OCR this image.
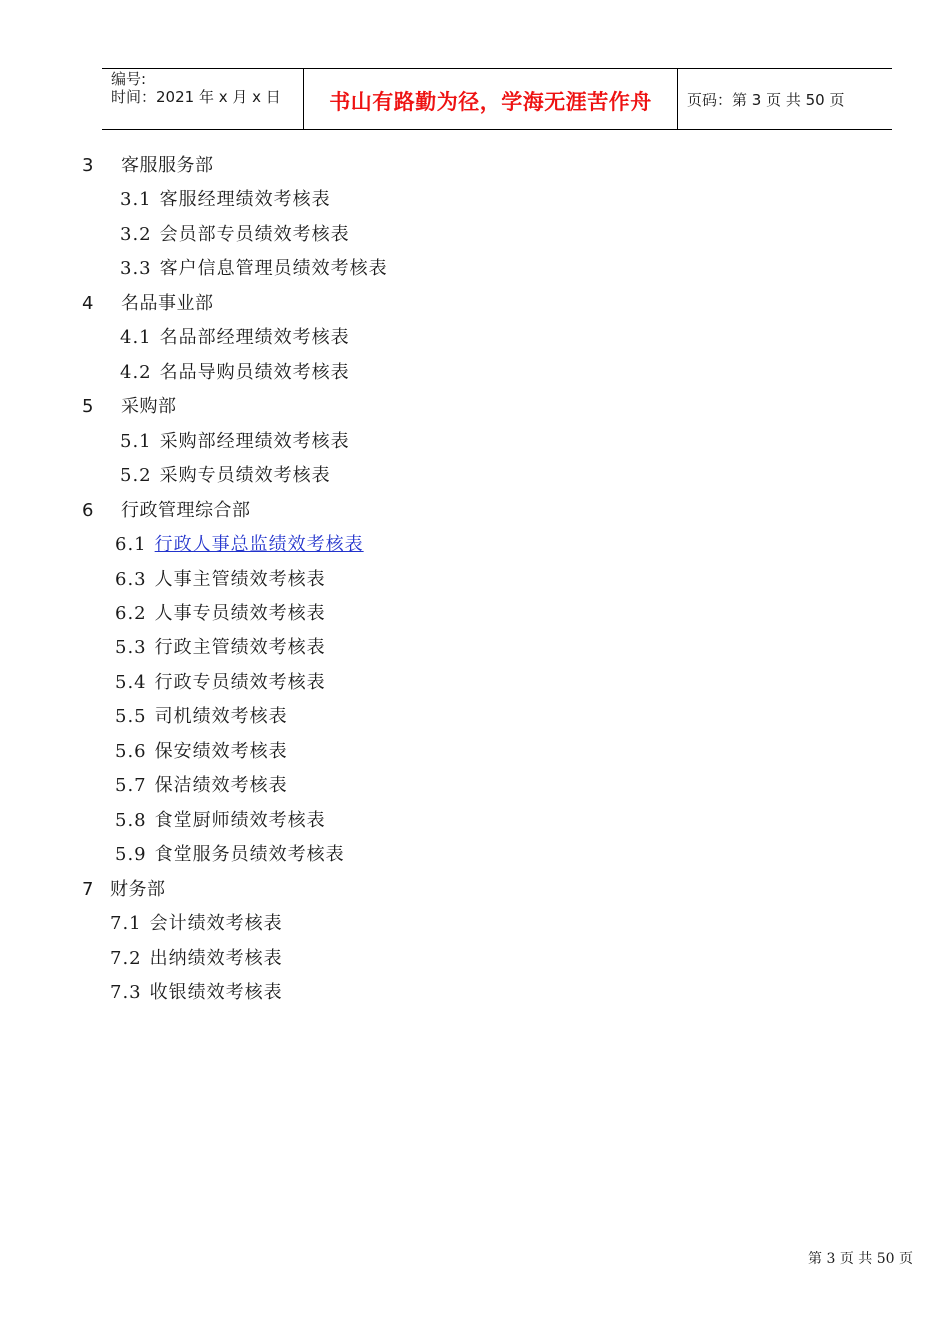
编号:
时间：2021 年 x 月 x 日	书山有路勤为径，学海无涯苦作舟	页码：第 3 页 共 50 页
3 客服服务部
3.1 客服经理绩效考核表
3.2 会员部专员绩效考核表
3.3 客户信息管理员绩效考核表
4 名品事业部
4.1 名品部经理绩效考核表
4.2 名品导购员绩效考核表
5 采购部
5.1 采购部经理绩效考核表
5.2 采购专员绩效考核表
6 行政管理综合部
6.1 行政人事总监绩效考核表
6.3 人事主管绩效考核表
6.2 人事专员绩效考核表
5.3 行政主管绩效考核表
5.4 行政专员绩效考核表
5.5 司机绩效考核表
5.6 保安绩效考核表
5.7 保洁绩效考核表
5.8 食堂厨师绩效考核表
5.9 食堂服务员绩效考核表
7 财务部
7.1 会计绩效考核表
7.2 出纳绩效考核表
7.3 收银绩效考核表
第 3 页 共 50 页
